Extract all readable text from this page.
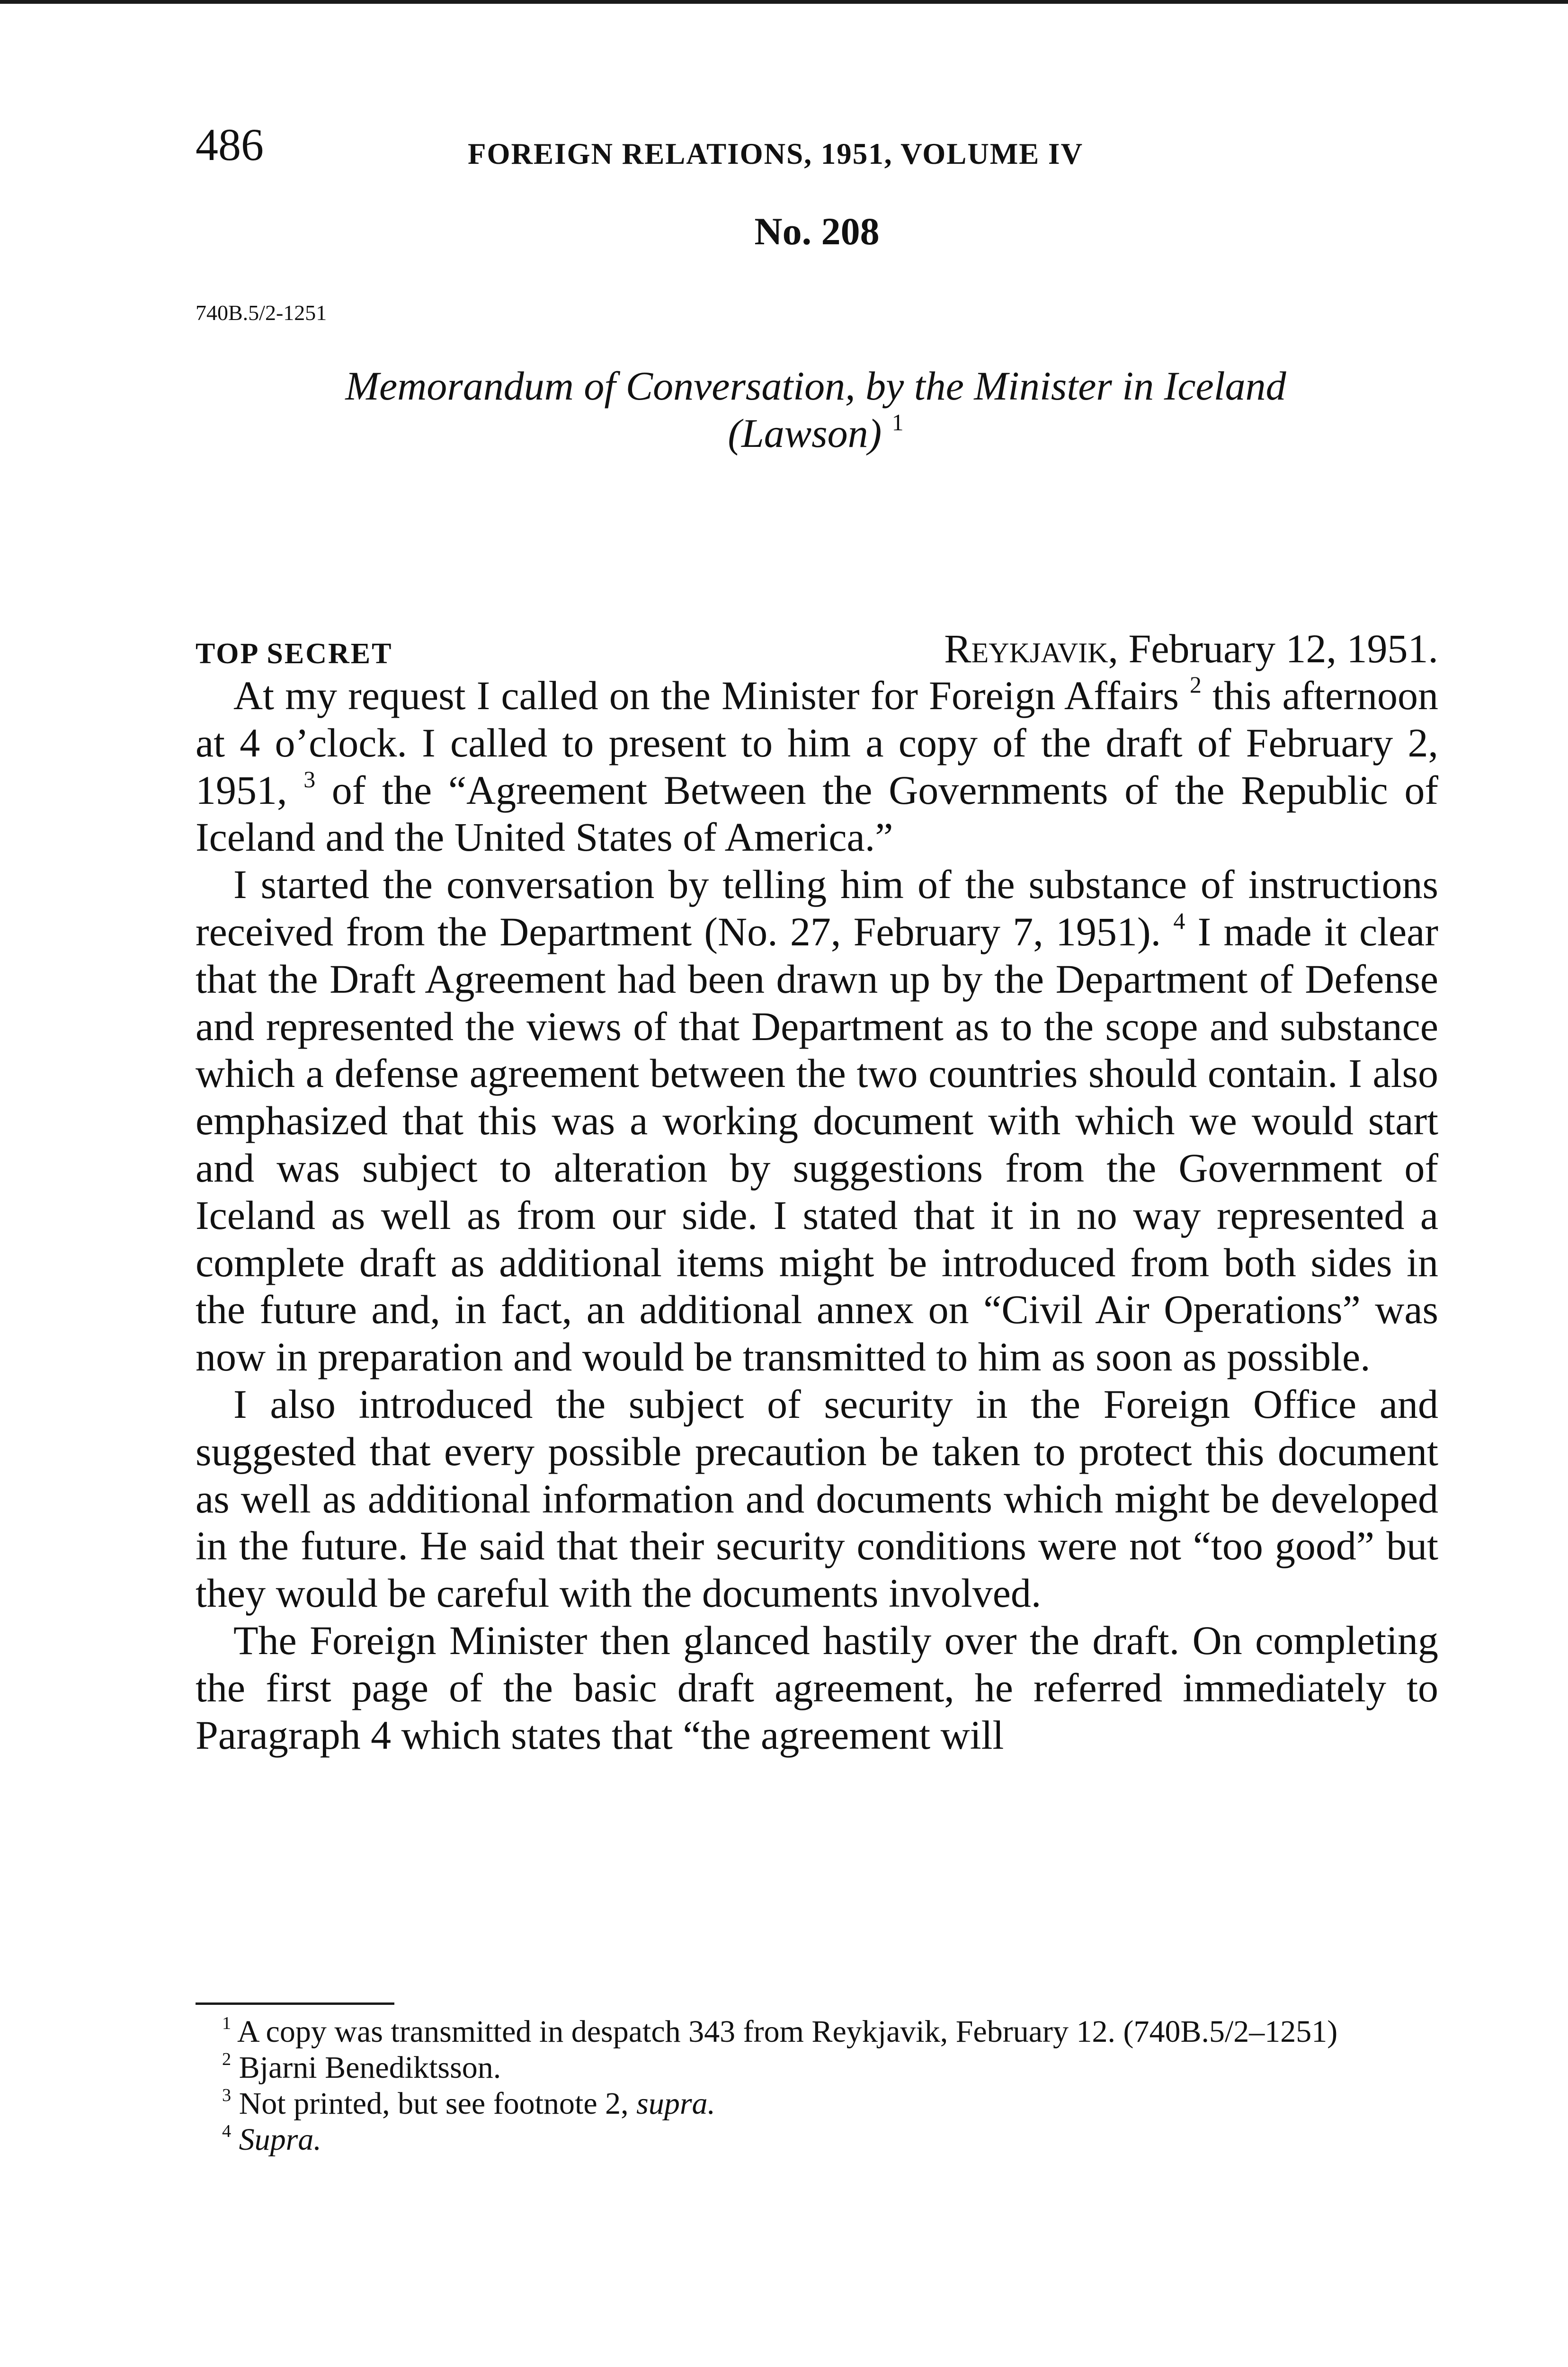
486	FOREIGN RELATIONS, 1951, VOLUME IV
No. 208
740B.5/2-1251
Memorandum of Conversation, by the Minister in Iceland (Lawson) $^1$
TOP SECRET	Reykjavik, February 12, 1951.

At my request I called on the Minister for Foreign Affairs $^2$ this afternoon at 4 o’clock. I called to present to him a copy of the draft of February 2, 1951, $^3$ of the “Agreement Between the Governments of the Republic of Iceland and the United States of America.”

I started the conversation by telling him of the substance of instructions received from the Department (No. 27, February 7, 1951). $^4$ I made it clear that the Draft Agreement had been drawn up by the Department of Defense and represented the views of that Department as to the scope and substance which a defense agreement between the two countries should contain. I also emphasized that this was a working document with which we would start and was subject to alteration by suggestions from the Government of Iceland as well as from our side. I stated that it in no way represented a complete draft as additional items might be introduced from both sides in the future and, in fact, an additional annex on “Civil Air Operations” was now in preparation and would be transmitted to him as soon as possible.

I also introduced the subject of security in the Foreign Office and suggested that every possible precaution be taken to protect this document as well as additional information and documents which might be developed in the future. He said that their security conditions were not “too good” but they would be careful with the documents involved.

The Foreign Minister then glanced hastily over the draft. On completing the first page of the basic draft agreement, he referred immediately to Paragraph 4 which states that “the agreement will

$^1$ A copy was transmitted in despatch 343 from Reykjavik, February 12. (740B.5/2–1251)

$^2$ Bjarni Benediktsson.

$^3$ Not printed, but see footnote 2, supra.

$^4$ Supra.
